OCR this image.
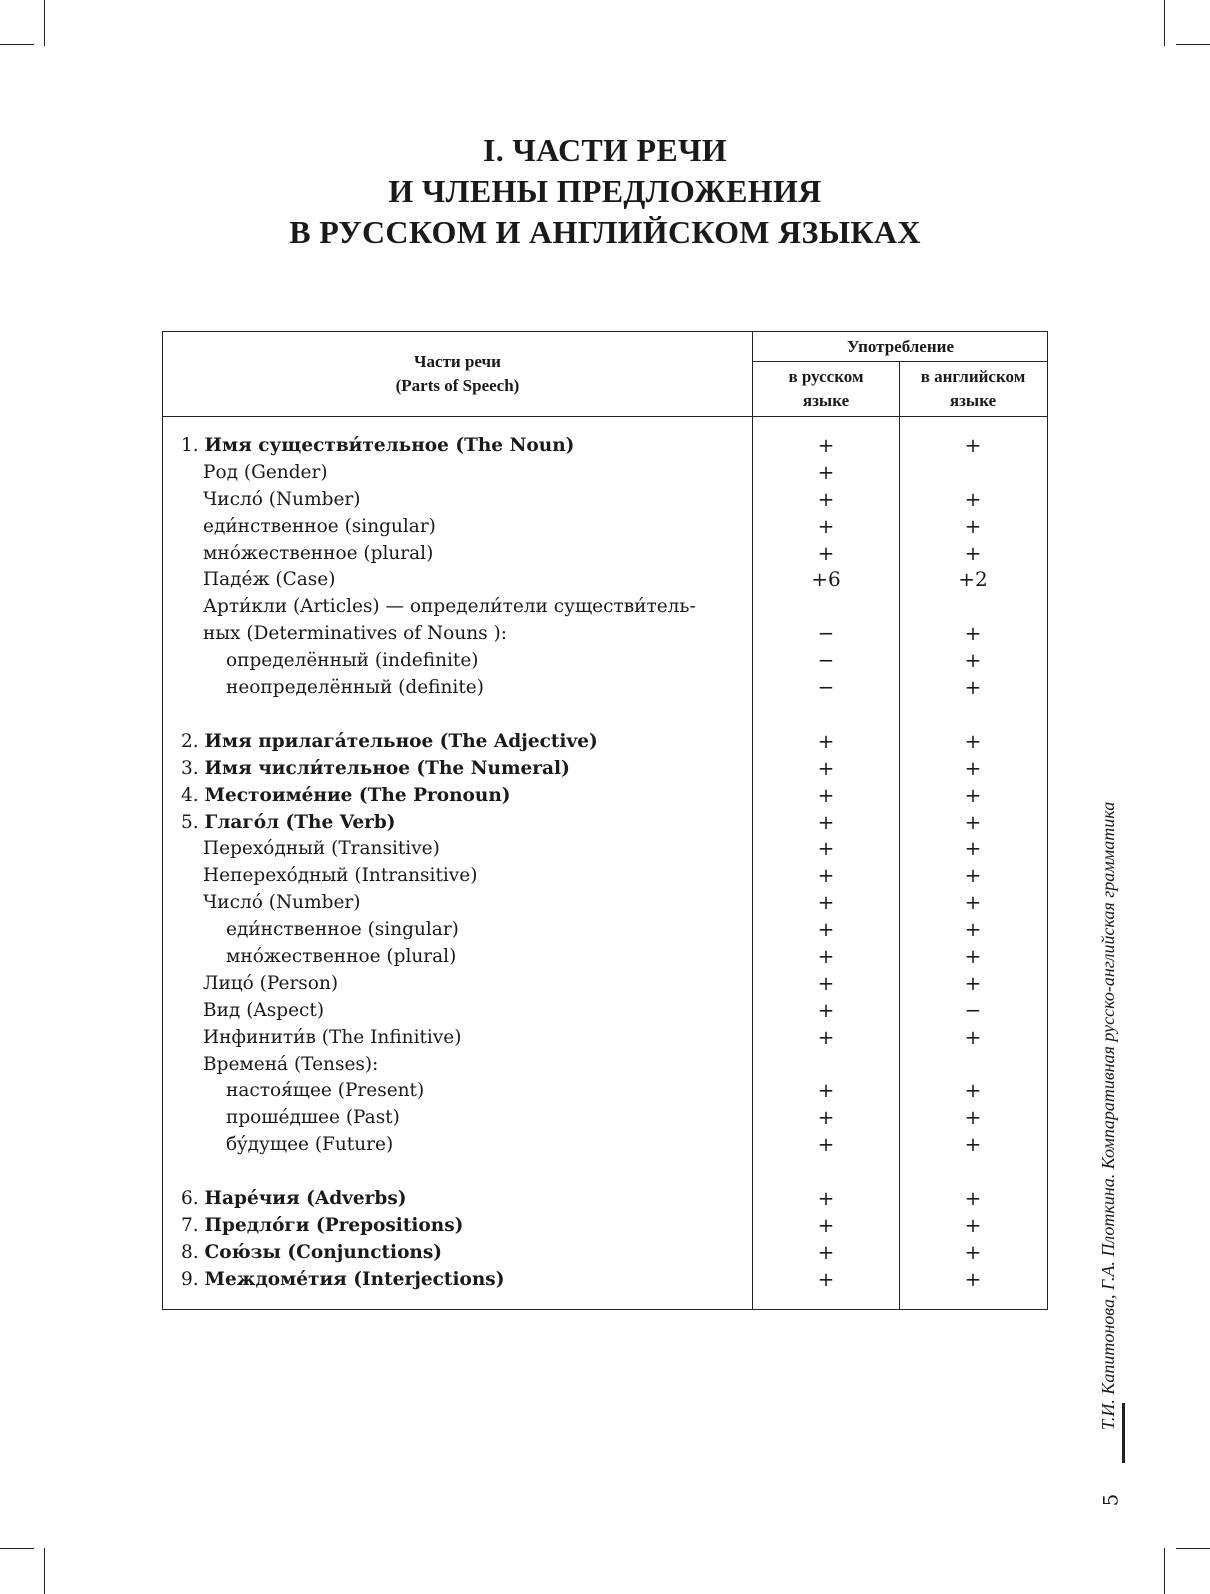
I. ЧАСТИ РЕЧИ
И ЧЛЕНЫ ПРЕДЛОЖЕНИЯ
В РУССКОМ И АНГЛИЙСКОМ ЯЗЫКАХ
Части речи
(Parts of Speech)
Употребление
в русском
языке
в английском
языке
1. Имя существи́тельное (The Noun)	+	+
Род (Gender)	+
Числó (Number)	+	+
еди́нственное (singular)	+	+
мнóжественное (plural)	+	+
Падéж (Case)	+6	+2
Арти́кли (Articles) — определи́тели существи́тель-
ных (Determinatives of Nouns ):	−	+
определённый (indefinite)	−	+
неопределённый (definite)	−	+
2. Имя прилагáтельное (The Adjective)	+	+
3. Имя числи́тельное (The Numeral)	+	+
4. Местоимéние (The Pronoun)	+	+
5. Глагóл (The Verb)	+	+
Перехóдный (Transitive)	+	+
Неперехóдный (Intransitive)	+	+
Числó (Number)	+	+
еди́нственное (singular)	+	+
мнóжественное (plural)	+	+
Лицó (Person)	+	+
Вид (Aspect)	+	−
Инфинити́в (The Infinitive)	+	+
Временá (Tenses):
настоя́щее (Present)	+	+
прошéдшее (Past)	+	+
бýдущее (Future)	+	+
6. Нарéчия (Adverbs)	+	+
7. Предлóги (Prepositions)	+	+
8. Сою́зы (Conjunctions)	+	+
9. Междомéтия (Interjections)	+	+	Т.И. Капитонова, Г.А. Плоткина. Компаративная русско-английская грамматика
5
